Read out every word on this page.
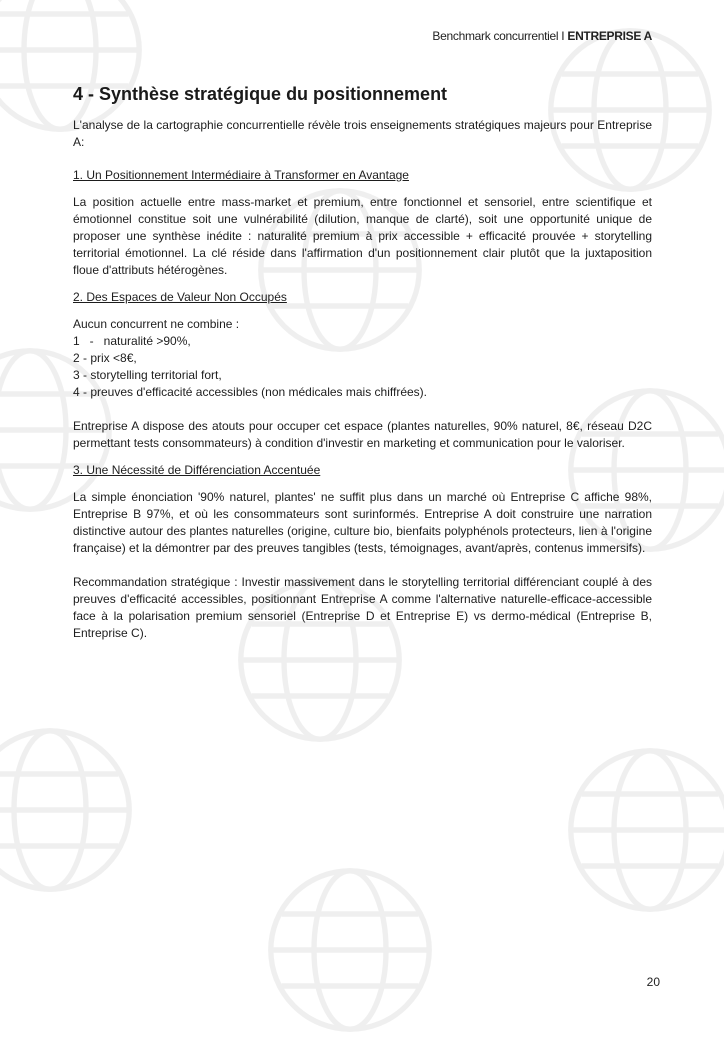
Benchmark concurrentiel I ENTREPRISE A
4 - Synthèse stratégique du positionnement

L'analyse de la cartographie concurrentielle révèle trois enseignements stratégiques majeurs pour Entreprise A:

1. Un Positionnement Intermédiaire à Transformer en Avantage

La position actuelle entre mass-market et premium, entre fonctionnel et sensoriel, entre scientifique et émotionnel constitue soit une vulnérabilité (dilution, manque de clarté), soit une opportunité unique de proposer une synthèse inédite : naturalité premium à prix accessible + efficacité prouvée + storytelling territorial émotionnel. La clé réside dans l'affirmation d'un positionnement clair plutôt que la juxtaposition floue d'attributs hétérogènes.

2. Des Espaces de Valeur Non Occupés
Aucun concurrent ne combine :
1   -   naturalité >90%,
2 - prix <8€,
3 - storytelling territorial fort,
4 - preuves d'efficacité accessibles (non médicales mais chiffrées).

Entreprise A dispose des atouts pour occuper cet espace (plantes naturelles, 90% naturel, 8€, réseau D2C permettant tests consommateurs) à condition d'investir en marketing et communication pour le valoriser.

3. Une Nécessité de Différenciation Accentuée

La simple énonciation '90% naturel, plantes' ne suffit plus dans un marché où Entreprise C affiche 98%, Entreprise B 97%, et où les consommateurs sont surinformés. Entreprise A doit construire une narration distinctive autour des plantes naturelles (origine, culture bio, bienfaits polyphénols protecteurs, lien à l'origine française) et la démontrer par des preuves tangibles (tests, témoignages, avant/après, contenus immersifs).

Recommandation stratégique : Investir massivement dans le storytelling territorial différenciant couplé à des preuves d'efficacité accessibles, positionnant Entreprise A comme l'alternative naturelle-efficace-accessible face à la polarisation premium sensoriel (Entreprise D et Entreprise E) vs dermo-médical (Entreprise B, Entreprise C).

20
